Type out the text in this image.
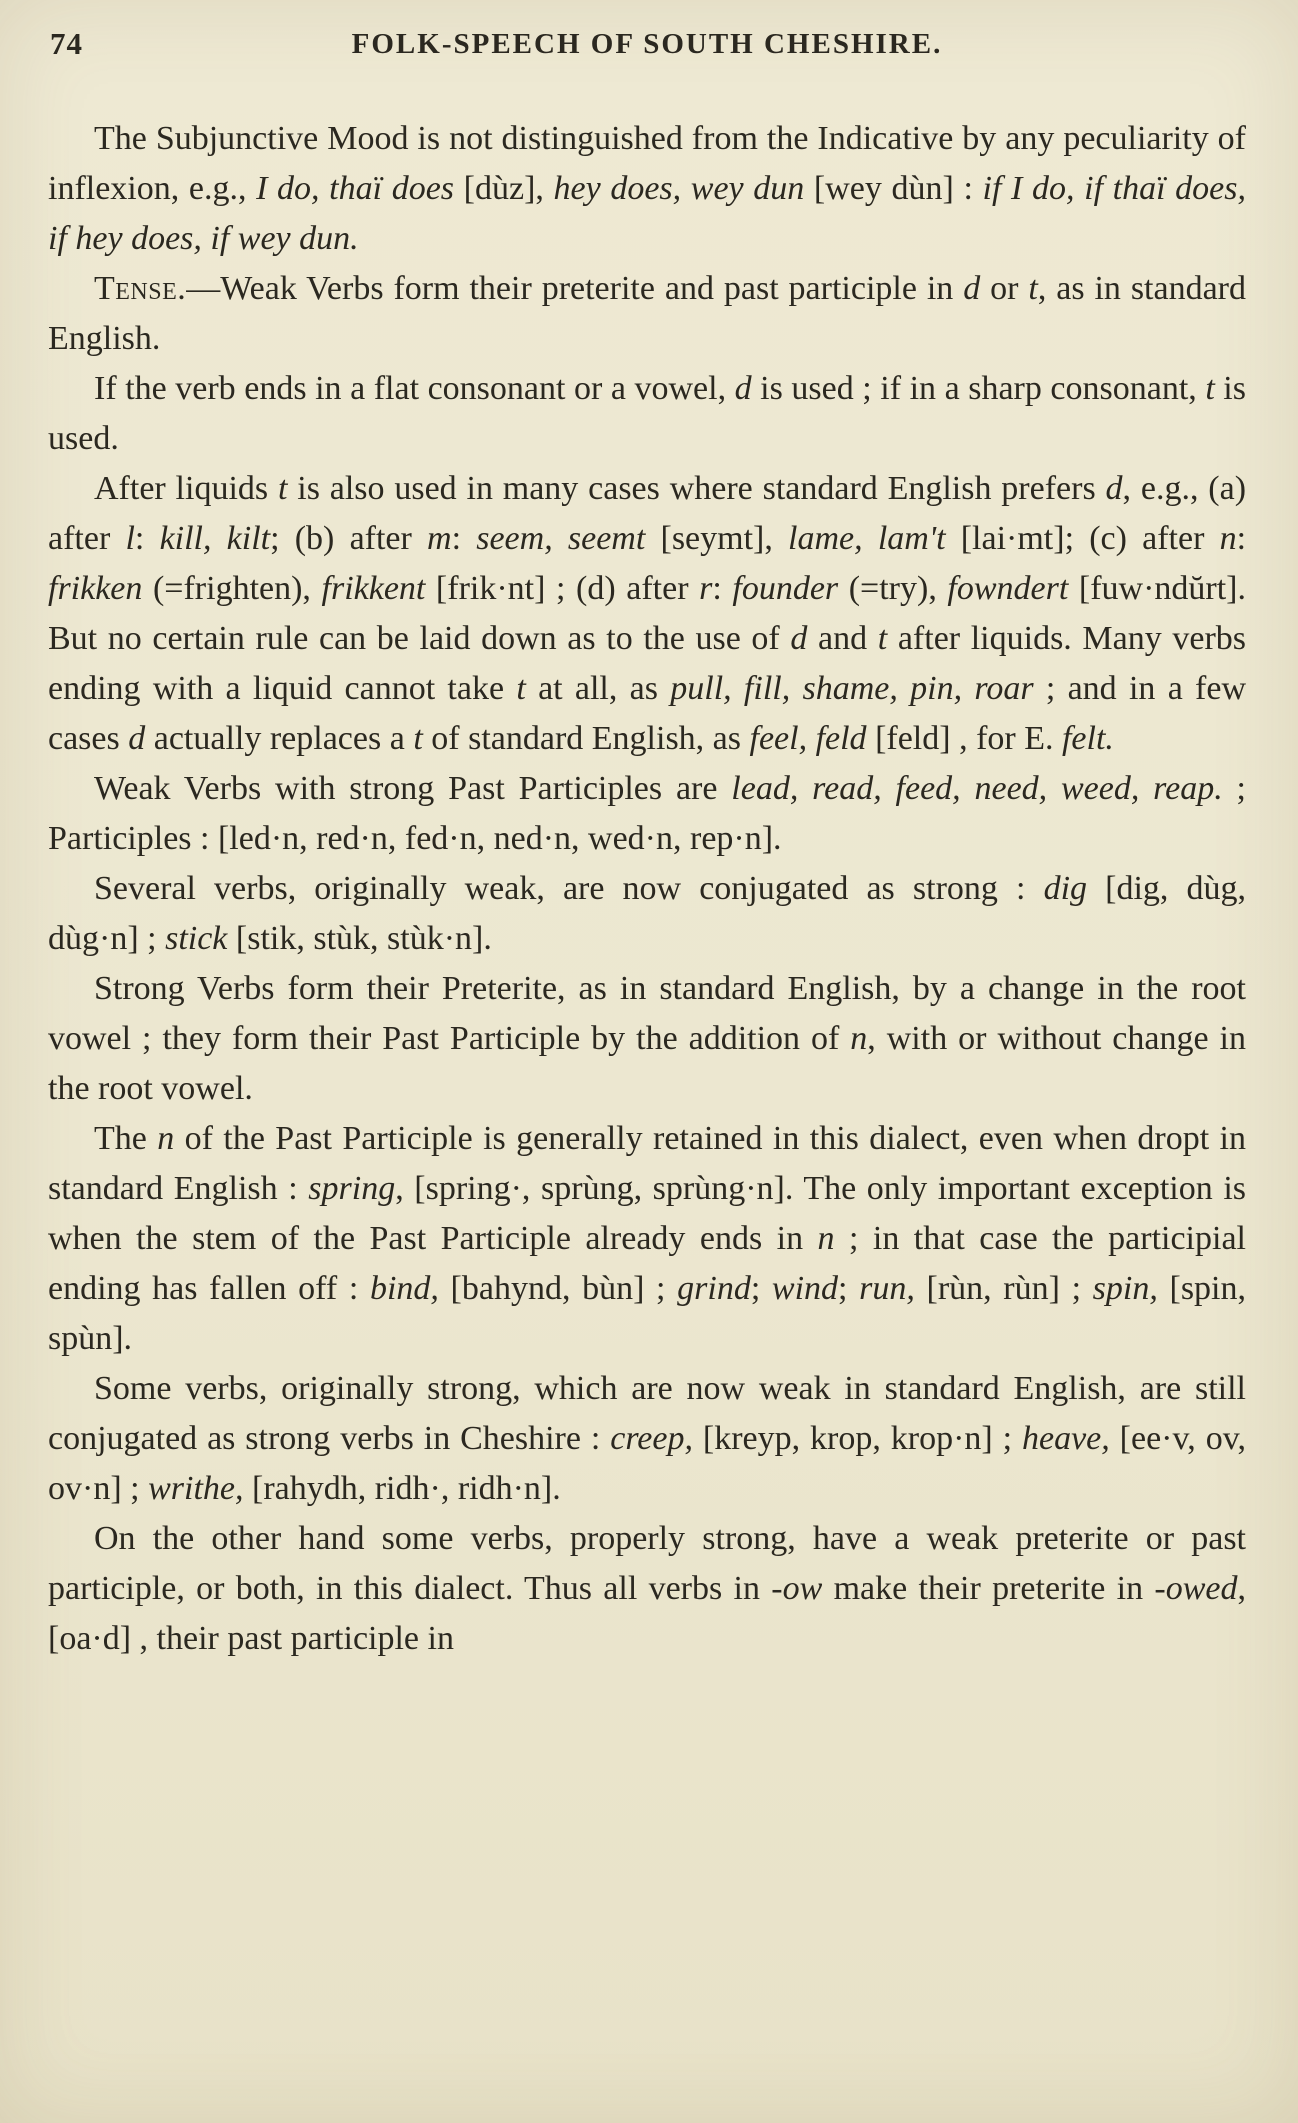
74	FOLK-SPEECH OF SOUTH CHESHIRE.

The Subjunctive Mood is not distinguished from the Indicative by any peculiarity of inflexion, e.g., I do, thaï does [dùz], hey does, wey dun [wey dùn] : if I do, if thaï does, if hey does, if wey dun.

Tense.—Weak Verbs form their preterite and past participle in d or t, as in standard English.

If the verb ends in a flat consonant or a vowel, d is used ; if in a sharp consonant, t is used.

After liquids t is also used in many cases where standard English prefers d, e.g., (a) after l: kill, kilt; (b) after m: seem, seemt [seymt], lame, lam't [lai·mt]; (c) after n: frikken (=frighten), frikkent [frik·nt] ; (d) after r: founder (=try), fowndert [fuw·ndŭrt]. But no certain rule can be laid down as to the use of d and t after liquids. Many verbs ending with a liquid cannot take t at all, as pull, fill, shame, pin, roar ; and in a few cases d actually replaces a t of standard English, as feel, feld [feld] , for E. felt.

Weak Verbs with strong Past Participles are lead, read, feed, need, weed, reap. ; Participles : [led·n, red·n, fed·n, ned·n, wed·n, rep·n].

Several verbs, originally weak, are now conjugated as strong : dig [dig, dùg, dùg·n] ; stick [stik, stùk, stùk·n].

Strong Verbs form their Preterite, as in standard English, by a change in the root vowel ; they form their Past Participle by the addition of n, with or without change in the root vowel.

The n of the Past Participle is generally retained in this dialect, even when dropt in standard English : spring, [spring·, sprùng, sprùng·n]. The only important exception is when the stem of the Past Participle already ends in n ; in that case the participial ending has fallen off : bind, [bahynd, bùn] ; grind; wind; run, [rùn, rùn] ; spin, [spin, spùn].

Some verbs, originally strong, which are now weak in standard English, are still conjugated as strong verbs in Cheshire : creep, [kreyp, krop, krop·n] ; heave, [ee·v, ov, ov·n] ; writhe, [rahydh, ridh·, ridh·n].

On the other hand some verbs, properly strong, have a weak preterite or past participle, or both, in this dialect. Thus all verbs in -ow make their preterite in -owed, [oa·d] , their past participle in
